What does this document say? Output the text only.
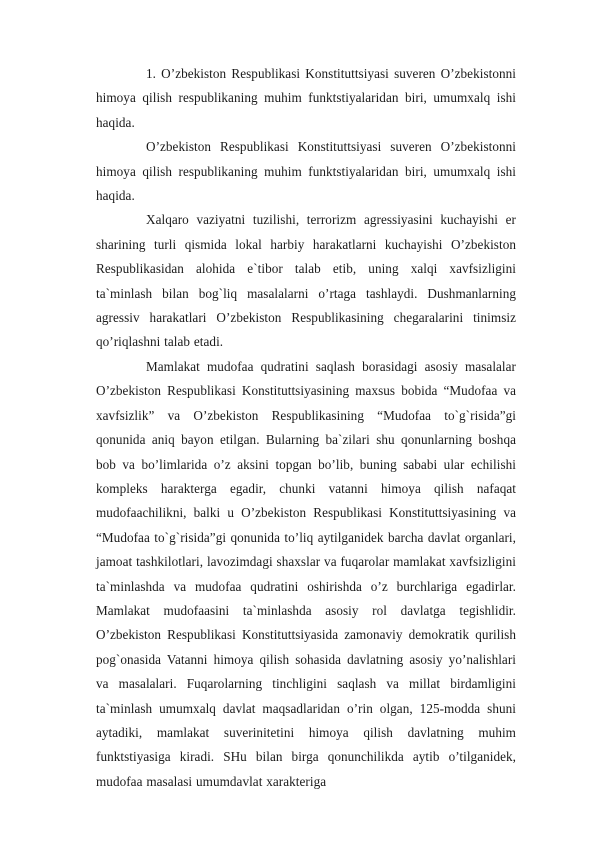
1. O’zbekiston Respublikasi Konstituttsiyasi suveren O’zbekistonni himoya qilish respublikaning muhim funktstiyalaridan biri, umumxalq ishi haqida.

O’zbekiston Respublikasi Konstituttsiyasi suveren O’zbekistonni himoya qilish respublikaning muhim funktstiyalaridan biri, umumxalq ishi haqida.

Xalqaro vaziyatni tuzilishi, terrorizm agressiyasini kuchayishi er sharining turli qismida lokal harbiy harakatlarni kuchayishi O’zbekiston Respublikasidan alohida e`tibor talab etib, uning xalqi xavfsizligini ta`minlash bilan bog`liq masalalarni o’rtaga tashlaydi. Dushmanlarning agressiv harakatlari O’zbekiston Respublikasining chegaralarini tinimsiz qo’riqlashni talab etadi.

Mamlakat mudofaa qudratini saqlash borasidagi asosiy masalalar O’zbekiston Respublikasi Konstituttsiyasining maxsus bobida “Mudofaa va xavfsizlik” va O’zbekiston Respublikasining “Mudofaa to`g`risida”gi qonunida aniq bayon etilgan. Bularning ba`zilari shu qonunlarning boshqa bob va bo’limlarida o’z aksini topgan bo’lib, buning sababi ular echilishi kompleks harakterga egadir, chunki vatanni himoya qilish nafaqat mudofaachilikni, balki u O’zbekiston Respublikasi Konstituttsiyasining va “Mudofaa to`g`risida”gi qonunida to’liq aytilganidek barcha davlat organlari, jamoat tashkilotlari, lavozimdagi shaxslar va fuqarolar mamlakat xavfsizligini ta`minlashda va mudofaa qudratini oshirishda o’z burchlariga egadirlar. Mamlakat mudofaasini ta`minlashda asosiy rol davlatga tegishlidir. O’zbekiston Respublikasi Konstituttsiyasida zamonaviy demokratik qurilish pog`onasida Vatanni himoya qilish sohasida davlatning asosiy yo’nalishlari va masalalari. Fuqarolarning tinchligini saqlash va millat birdamligini ta`minlash umumxalq davlat maqsadlaridan o’rin olgan, 125-modda shuni aytadiki, mamlakat suverinitetini himoya qilish davlatning muhim funktstiyasiga kiradi. SHu bilan birga qonunchilikda aytib o’tilganidek, mudofaa masalasi umumdavlat xarakteriga
